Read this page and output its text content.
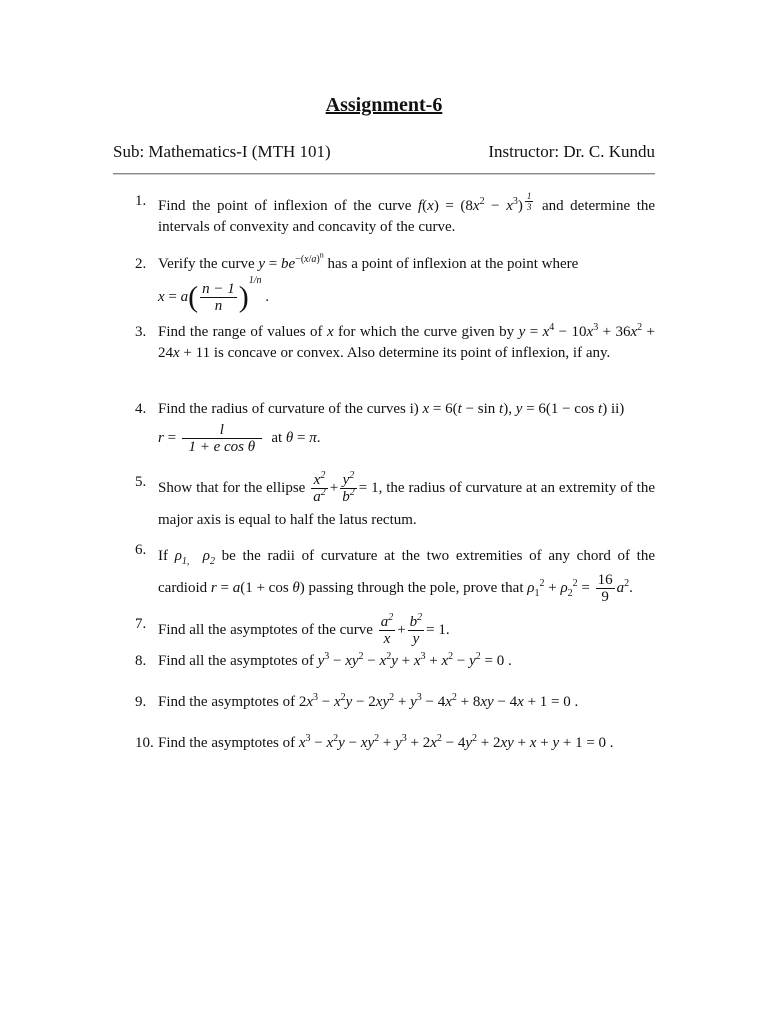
Assignment-6
Sub: Mathematics-I (MTH 101)	Instructor: Dr. C. Kundu
1. Find the point of inflexion of the curve $f(x) = (8x^2 - x^3)$ $^{\frac{1}{3}}$ and determine the intervals of convexity and concavity of the curve.
2. Verify the curve $y = be^{-(x/a)^n}$ has a point of inflexion at the point where
$x = a( \frac{n - 1}{n} )^{1/n}$ .
3. Find the range of values of x for which the curve given by $y = x^4 - 10x^3 + 36x^2 + 24x + 11$ is concave or convex. Also determine its point of inflexion, if any.
4. Find the radius of curvature of the curves i) x = 6(t − sin t), y = 6(1 − cos t) ii)
$r = \frac{l}{\text{1 + e cos θ}}$ at θ = π.
5. Show that for the ellipse $\frac{x^2}{a^2} + \frac{y^2}{b^2} = 1$, the radius of curvature at an extremity of the major axis is equal to half the latus rectum.
6. If $\rho_{1,}$  $\rho_2$ be the radii of curvature at the two extremities of any chord of the cardioid r = a(1 + cos θ) passing through the pole, prove that $\rho_1^2 + \rho_2^2 = \frac{16}{9} a^2$.
7. Find all the asymptotes of the curve $\frac{a^2}{x} + \frac{b^2}{y} = 1$.
8. Find all the asymptotes of $y^3 - xy^2 - x^2y + x^3 + x^2 - y^2 = 0$ .
9. Find the asymptotes of $2x^3 - x^2y - 2xy^2 + y^3 - 4x^2 + 8xy - 4x + 1 = 0$ .
10. Find the asymptotes of $x^3 - x^2y - xy^2 + y^3 + 2x^2 - 4y^2 + 2xy + x + y + 1 = 0$ .
